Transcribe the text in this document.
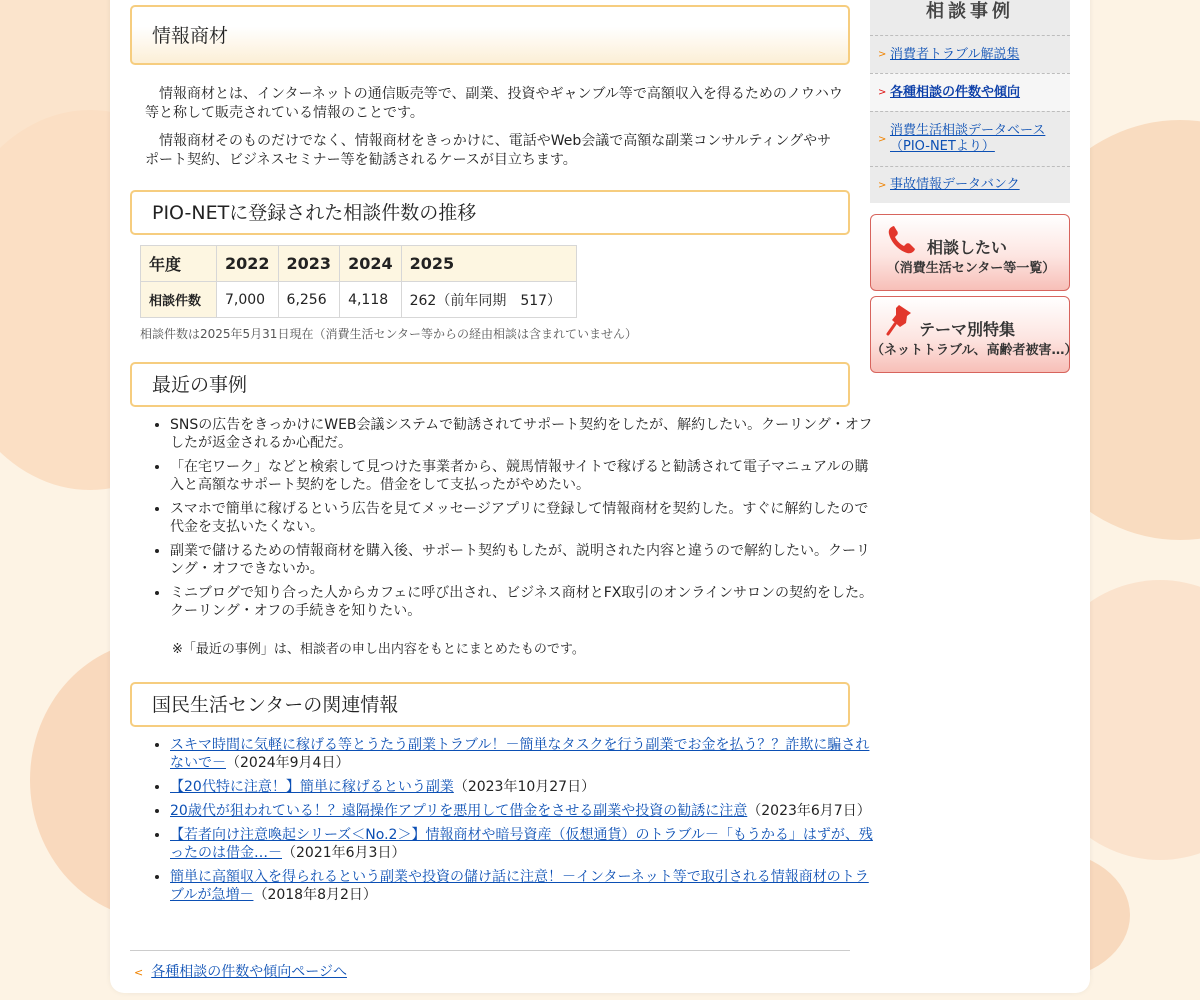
情報商材

情報商材とは、インターネットの通信販売等で、副業、投資やギャンブル等で高額収入を得るためのノウハウ等と称して販売されている情報のことです。

情報商材そのものだけでなく、情報商材をきっかけに、電話やWeb会議で高額な副業コンサルティングやサポート契約、ビジネスセミナー等を勧誘されるケースが目立ちます。

PIO-NETに登録された相談件数の推移
年度	2022	2023	2024	2025
相談件数	7,000	6,256	4,118	262（前年同期　517）
相談件数は2025年5月31日現在（消費生活センター等からの経由相談は含まれていません）
最近の事例
• SNSの広告をきっかけにWEB会議システムで勧誘されてサポート契約をしたが、解約したい。クーリング・オフしたが返金されるか心配だ。
• 「在宅ワーク」などと検索して見つけた事業者から、競馬情報サイトで稼げると勧誘されて電子マニュアルの購入と高額なサポート契約をした。借金をして支払ったがやめたい。
• スマホで簡単に稼げるという広告を見てメッセージアプリに登録して情報商材を契約した。すぐに解約したので代金を支払いたくない。
• 副業で儲けるための情報商材を購入後、サポート契約もしたが、説明された内容と違うので解約したい。クーリング・オフできないか。
• ミニブログで知り合った人からカフェに呼び出され、ビジネス商材とFX取引のオンラインサロンの契約をした。クーリング・オフの手続きを知りたい。
※「最近の事例」は、相談者の申し出内容をもとにまとめたものです。
国民生活センターの関連情報
• スキマ時間に気軽に稼げる等とうたう副業トラブル！－簡単なタスクを行う副業でお金を払う？？詐欺に騙されないで－（2024年9月4日）
• 【20代特に注意！】簡単に稼げるという副業（2023年10月27日）
• 20歳代が狙われている！？遠隔操作アプリを悪用して借金をさせる副業や投資の勧誘に注意（2023年6月7日）
• 【若者向け注意喚起シリーズ＜No.2＞】情報商材や暗号資産（仮想通貨）のトラブル－「もうかる」はずが、残ったのは借金…－（2021年6月3日）
• 簡単に高額収入を得られるという副業や投資の儲け話に注意！－インターネット等で取引される情報商材のトラブルが急増－（2018年8月2日）
< 各種相談の件数や傾向ページへ
相談事例
> 消費者トラブル解説集
> 各種相談の件数や傾向
>
消費生活相談データベース（PIO-NETより）
> 事故情報データバンク
相談したい
（消費生活センター等一覧）
テーマ別特集
（ネットトラブル、高齢者被害…）
